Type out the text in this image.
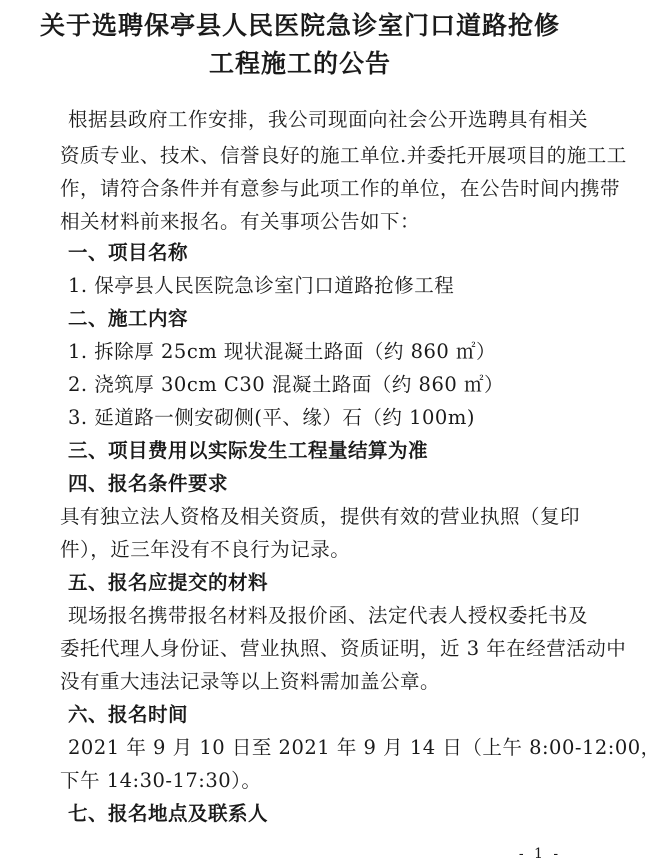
关于选聘保亭县人民医院急诊室门口道路抢修
工程施工的公告
根据县政府工作安排，我公司现面向社会公开选聘具有相关
资质专业、技术、信誉良好的施工单位.并委托开展项目的施工工
作，请符合条件并有意参与此项工作的单位，在公告时间内携带
相关材料前来报名。有关事项公告如下：
一、项目名称
1. 保亭县人民医院急诊室门口道路抢修工程
二、施工内容
1. 拆除厚 25cm 现状混凝土路面（约 860 ㎡）
2. 浇筑厚 30cm C30 混凝土路面（约 860 ㎡）
3. 延道路一侧安砌侧(平、缘）石（约 100m)
三、项目费用以实际发生工程量结算为准
四、报名条件要求
具有独立法人资格及相关资质，提供有效的营业执照（复印
件），近三年没有不良行为记录。
五、报名应提交的材料
现场报名携带报名材料及报价函、法定代表人授权委托书及
委托代理人身份证、营业执照、资质证明，近 3 年在经营活动中
没有重大违法记录等以上资料需加盖公章。
六、报名时间
2021 年 9 月 10 日至 2021 年 9 月 14 日（上午 8:00-12:00，
下午 14:30-17:30）。
七、报名地点及联系人
- 1 -
